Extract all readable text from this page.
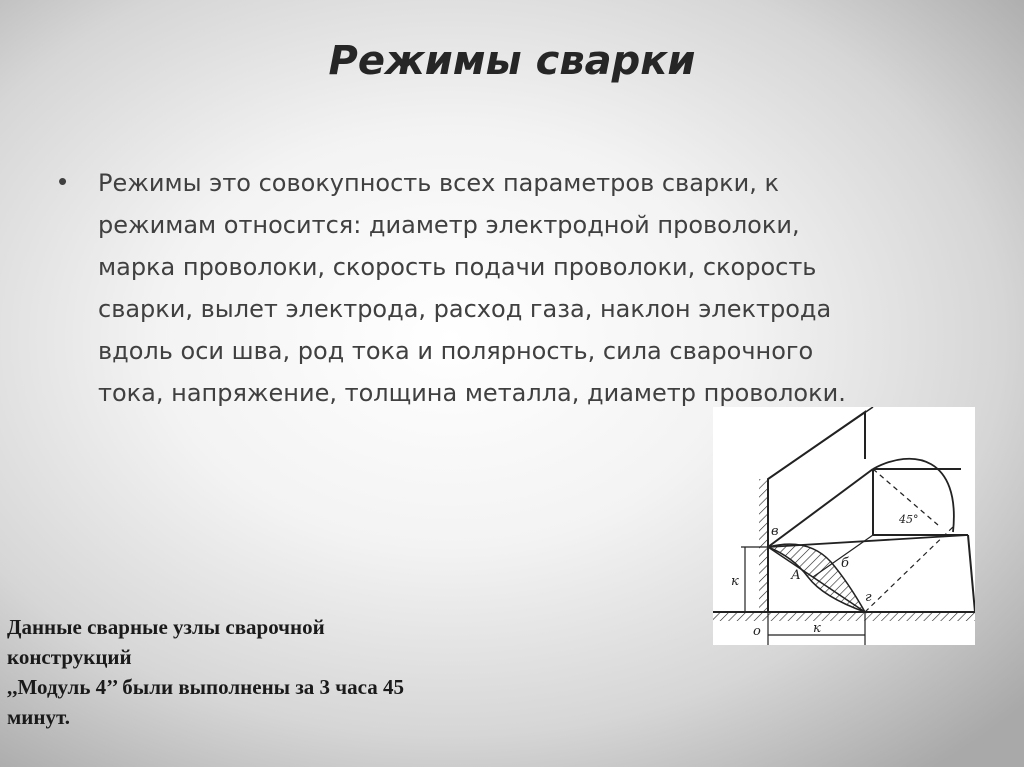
Режимы сварки
• Режимы это совокупность всех параметров сварки, к
режимам относится: диаметр электродной проволоки,
марка проволоки, скорость подачи проволоки, скорость
сварки, вылет электрода, расход газа, наклон электрода
вдоль оси шва, род тока и полярность, сила сварочного
тока, напряжение, толщина металла, диаметр проволоки.
в
б
А
г
о
к
к
45°
Данные сварные узлы сварочной
конструкций
,,Модуль 4’’ были выполнены за 3 часа 45
минут.
